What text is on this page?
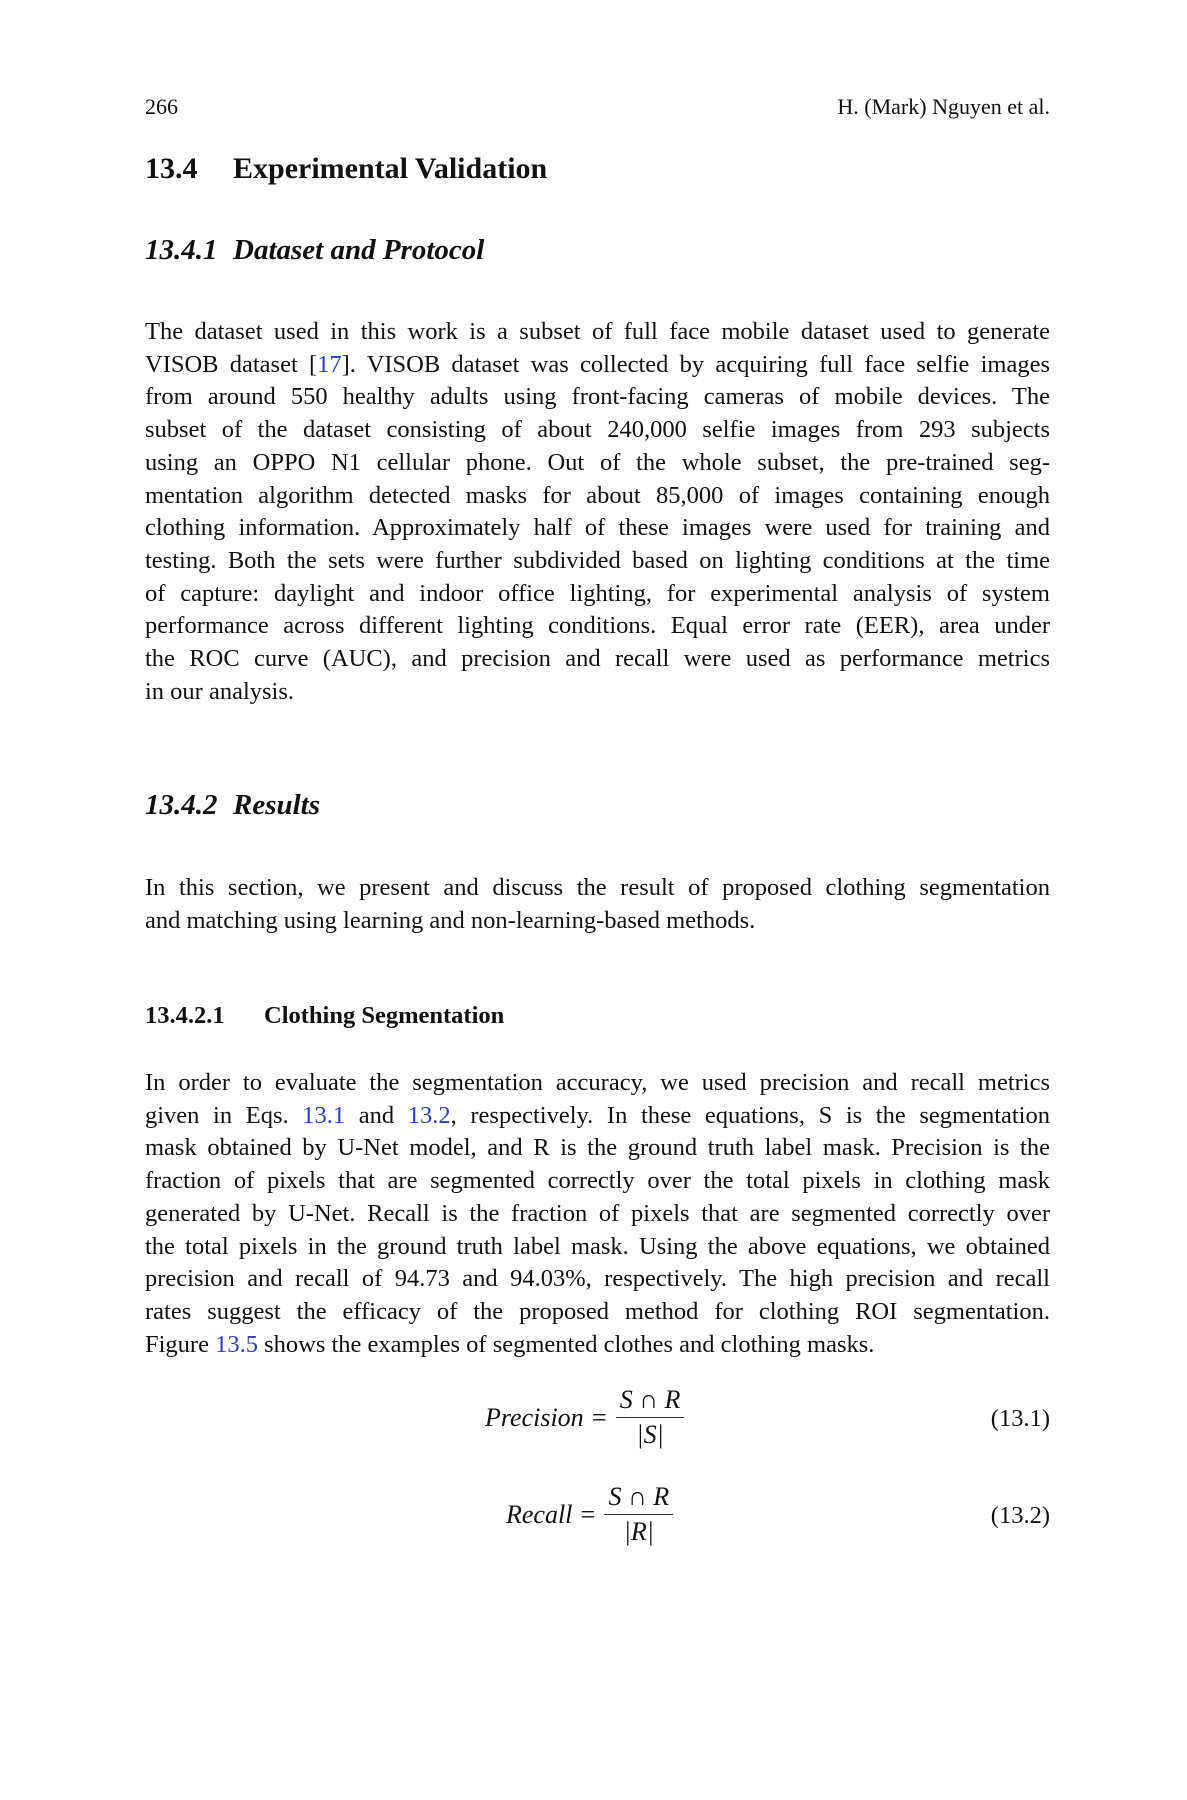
266	H. (Mark) Nguyen et al.
13.4 Experimental Validation
13.4.1 Dataset and Protocol
The dataset used in this work is a subset of full face mobile dataset used to generate
VISOB dataset [17]. VISOB dataset was collected by acquiring full face selfie images
from around 550 healthy adults using front-facing cameras of mobile devices. The
subset of the dataset consisting of about 240,000 selfie images from 293 subjects
using an OPPO N1 cellular phone. Out of the whole subset, the pre-trained seg-
mentation algorithm detected masks for about 85,000 of images containing enough
clothing information. Approximately half of these images were used for training and
testing. Both the sets were further subdivided based on lighting conditions at the time
of capture: daylight and indoor office lighting, for experimental analysis of system
performance across different lighting conditions. Equal error rate (EER), area under
the ROC curve (AUC), and precision and recall were used as performance metrics
in our analysis.
13.4.2 Results
In this section, we present and discuss the result of proposed clothing segmentation
and matching using learning and non-learning-based methods.
13.4.2.1 Clothing Segmentation
In order to evaluate the segmentation accuracy, we used precision and recall metrics
given in Eqs. 13.1 and 13.2, respectively. In these equations, S is the segmentation
mask obtained by U-Net model, and R is the ground truth label mask. Precision is the
fraction of pixels that are segmented correctly over the total pixels in clothing mask
generated by U-Net. Recall is the fraction of pixels that are segmented correctly over
the total pixels in the ground truth label mask. Using the above equations, we obtained
precision and recall of 94.73 and 94.03%, respectively. The high precision and recall
rates suggest the efficacy of the proposed method for clothing ROI segmentation.
Figure 13.5 shows the examples of segmented clothes and clothing masks.
Precision = $\frac{S \cap R}{|S|}$	(13.1)
Recall = $\frac{S \cap R}{|R|}$	(13.2)
